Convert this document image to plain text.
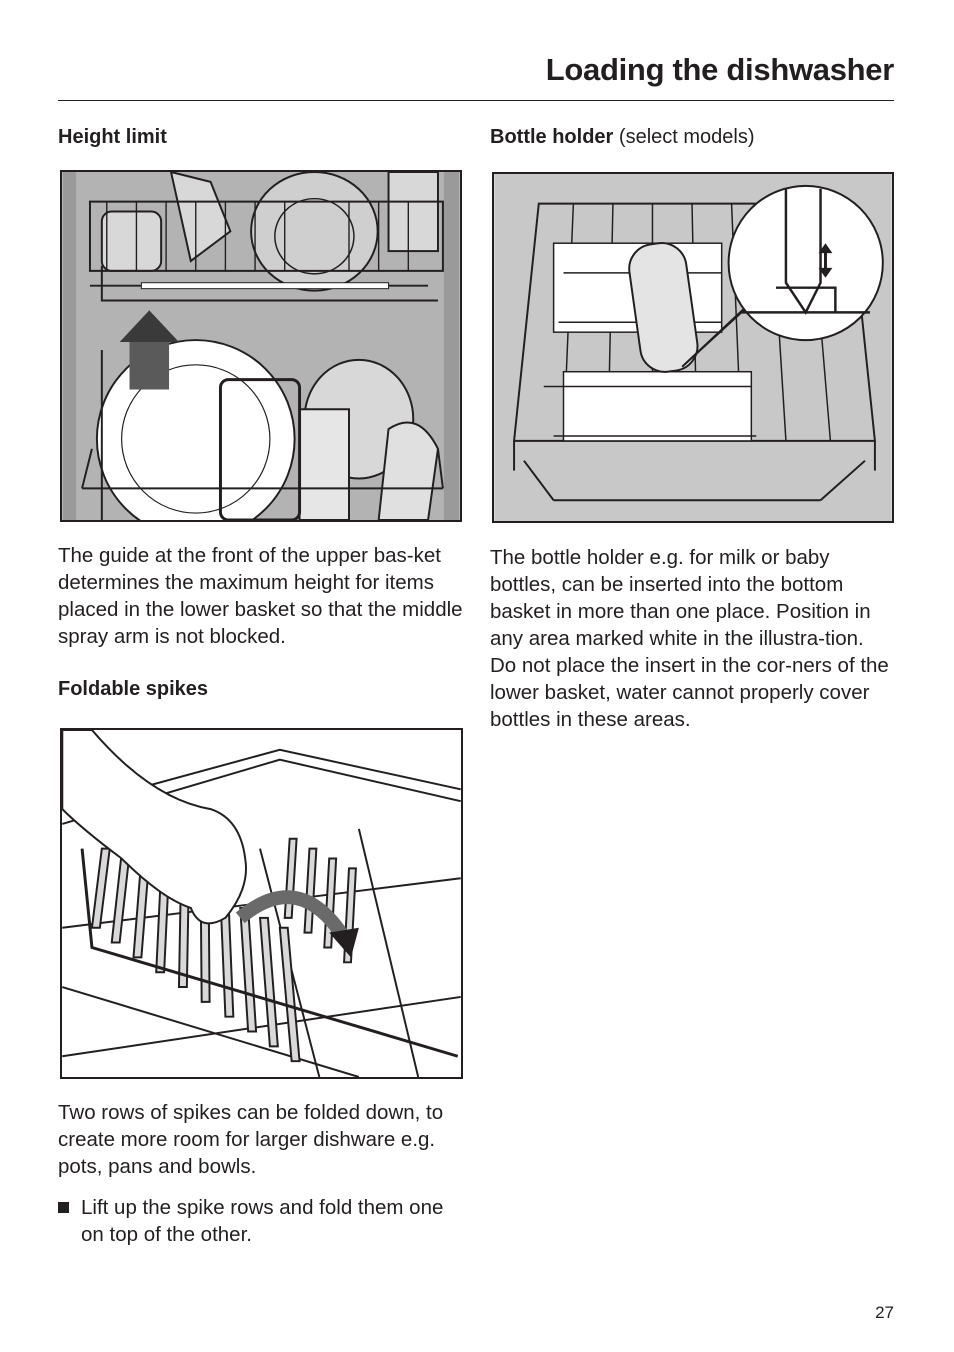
Loading the dishwasher
Height limit

The guide at the front of the upper bas-ket determines the maximum height for items placed in the lower basket so that the middle spray arm is not blocked.

Foldable spikes

Two rows of spikes can be folded down, to create more room for larger dishware e.g. pots, pans and bowls.

Lift up the spike rows and fold them one on top of the other.
Bottle holder (select models)

The bottle holder e.g. for milk or baby bottles, can be inserted into the bottom basket in more than one place. Position in any area marked white in the illustra-tion. Do not place the insert in the cor-ners of the lower basket, water cannot properly cover bottles in these areas.

27
